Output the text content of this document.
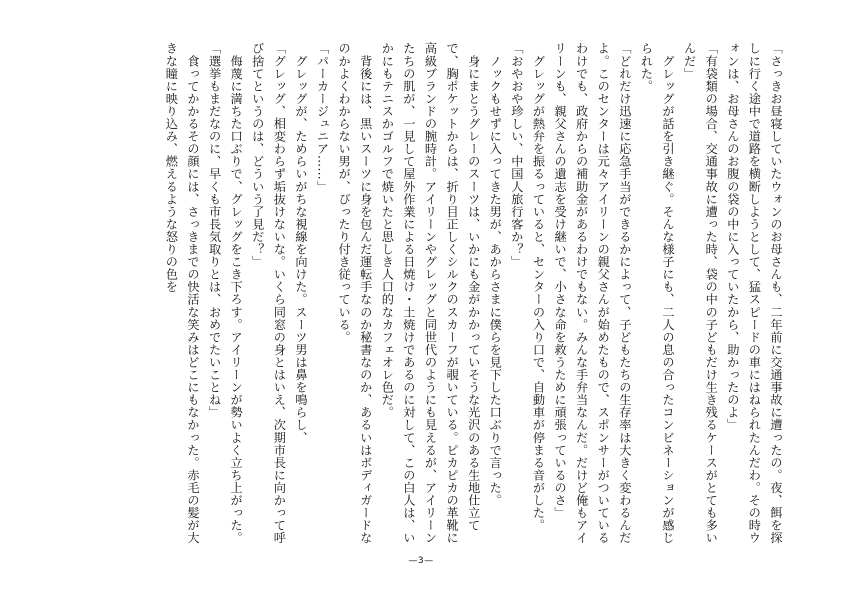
「さっきお昼寝していたウォンのお母さんも、二年前に交通事故に遭ったの。夜、餌を探しに行く途中で道路を横断しようとして、猛スピードの車にはねられたんだわ。その時ウォンは、お母さんのお腹の袋の中に入っていたから、助かったのよ」

「有袋類の場合、交通事故に遭った時、袋の中の子どもだけ生き残るケースがとても多いんだ」

　グレッグが話を引き継ぐ。そんな様子にも、二人の息の合ったコンビネーションが感じられた。

「どれだけ迅速に応急手当ができるかによって、子どもたちの生存率は大きく変わるんだよ。このセンターは元々アイリーンの親父さんが始めたもので、スポンサーがついているわけでも、政府からの補助金があるわけでもない。みんな手弁当なんだ。だけど俺もアイリーンも、親父さんの遺志を受け継いで、小さな命を救うために頑張っているのさ」

　グレッグが熱弁を振るっていると、センターの入り口で、自動車が停まる音がした。

「おやおや珍しい、中国人旅行客か？」

　ノックもせずに入ってきた男が、あからさまに僕らを見下した口ぶりで言った。

　身にまとうグレーのスーツは、いかにも金がかかっていそうな光沢のある生地仕立てで、胸ポケットからは、折り目正しくシルクのスカーフが覗いている。ピカピカの革靴に高級ブランドの腕時計。アイリーンやグレッグと同世代のようにも見えるが、アイリーンたちの肌が、一見して屋外作業による日焼け・土焼けであるのに対して、この白人は、いかにもテニスかゴルフで焼いたと思しき人口的なカフェオレ色だ。

　背後には、黒いスーツに身を包んだ運転手なのか秘書なのか、あるいはボディガードなのかよくわからない男が、ぴったり付き従っている。

「パーカージュニア……」

　グレッグが、ためらいがちな視線を向けた。スーツ男は鼻を鳴らし、

「グレッグ、相変わらず垢抜けないな。いくら同窓の身とはいえ、次期市長に向かって呼び捨てというのは、どういう了見だ？」

　侮蔑に満ちた口ぶりで、グレッグをこき下ろす。アイリーンが勢いよく立ち上がった。

「選挙もまだなのに、早くも市長気取りとは、おめでたいことね」

　食ってかかるその顔には、さっきまでの快活な笑みはどこにもなかった。赤毛の髪が大きな瞳に映り込み、燃えるような怒りの色を

—3—
